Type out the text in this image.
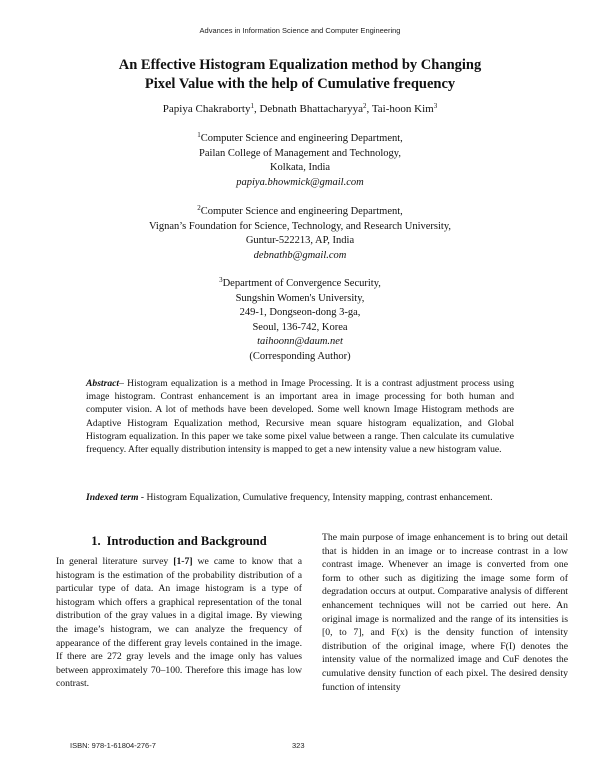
Advances in Information Science and Computer Engineering
An Effective Histogram Equalization method by Changing
Pixel Value with the help of Cumulative frequency
Papiya Chakraborty$^1$, Debnath Bhattacharyya$^2$, Tai-hoon Kim$^3$
$^1$Computer Science and engineering Department,
Pailan College of Management and Technology,
Kolkata, India
papiya.bhowmick@gmail.com
$^2$Computer Science and engineering Department,
Vignan’s Foundation for Science, Technology, and Research University,
Guntur-522213, AP, India
debnathb@gmail.com
$^3$Department of Convergence Security,
Sungshin Women's University,
249-1, Dongseon-dong 3-ga,
Seoul, 136-742, Korea
taihoonn@daum.net
(Corresponding Author)
Abstract– Histogram equalization is a method in Image Processing. It is a contrast adjustment process using image histogram. Contrast enhancement is an important area in image processing for both human and computer vision. A lot of methods have been developed. Some well known Image Histogram methods are Adaptive Histogram Equalization method, Recursive mean square histogram equalization, and Global Histogram equalization. In this paper we take some pixel value between a range. Then calculate its cumulative frequency. After equally distribution intensity is mapped to get a new intensity value a new histogram value.
Indexed term - Histogram Equalization, Cumulative frequency, Intensity mapping, contrast enhancement.
1. Introduction and Background

In general literature survey [1-7] we came to know that a histogram is the estimation of the probability distribution of a particular type of data. An image histogram is a type of histogram which offers a graphical representation of the tonal distribution of the gray values in a digital image. By viewing the image’s histogram, we can analyze the frequency of appearance of the different gray levels contained in the image. If there are 272 gray levels and the image only has values between approximately 70–100. Therefore this image has low contrast.

The main purpose of image enhancement is to bring out detail that is hidden in an image or to increase contrast in a low contrast image. Whenever an image is converted from one form to other such as digitizing the image some form of degradation occurs at output. Comparative analysis of different enhancement techniques will not be carried out here. An original image is normalized and the range of its intensities is [0, to 7], and F(x) is the density function of intensity distribution of the original image, where F(I) denotes the intensity value of the normalized image and CuF denotes the cumulative density function of each pixel. The desired density function of intensity

ISBN: 978-1-61804-276-7	323
